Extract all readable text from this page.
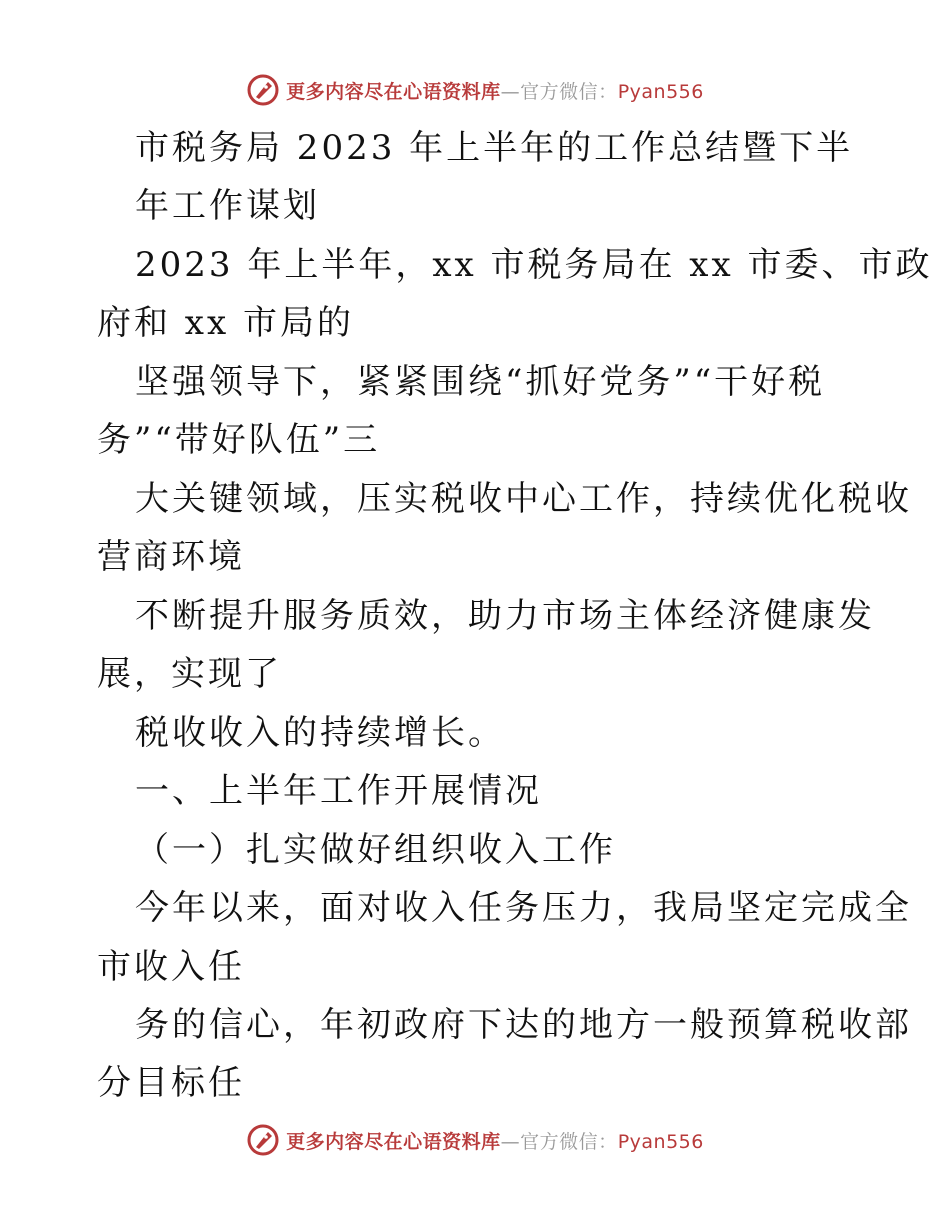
更多内容尽在心语资料库—官方微信：Pyan556
市税务局 2023 年上半年的工作总结暨下半
年工作谋划
2023 年上半年，xx 市税务局在 xx 市委、市政
府和 xx 市局的
坚强领导下，紧紧围绕“抓好党务”“干好税
务”“带好队伍”三
大关键领域，压实税收中心工作，持续优化税收
营商环境
不断提升服务质效，助力市场主体经济健康发
展，实现了
税收收入的持续增长。
一、上半年工作开展情况
（一）扎实做好组织收入工作
今年以来，面对收入任务压力，我局坚定完成全
市收入任
务的信心，年初政府下达的地方一般预算税收部
分目标任
更多内容尽在心语资料库—官方微信：Pyan556
